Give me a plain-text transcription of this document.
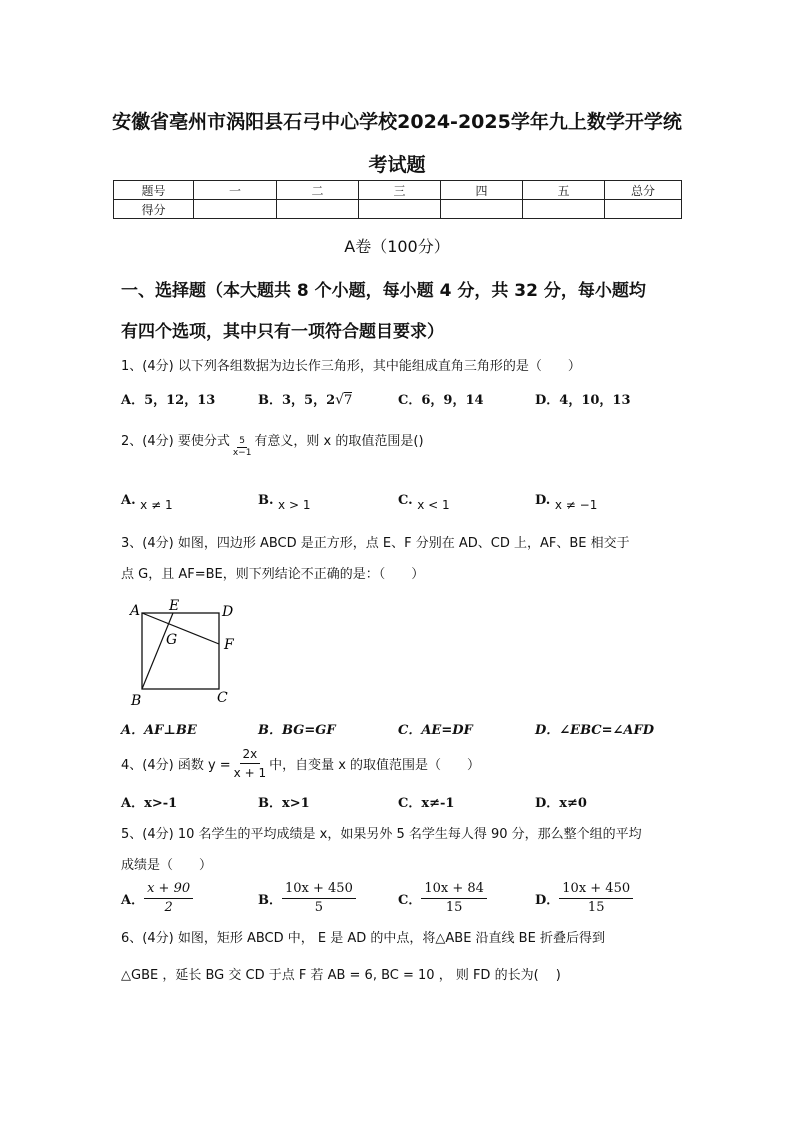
安徽省亳州市涡阳县石弓中心学校2024-2025学年九上数学开学统
考试题
题号	一	二	三	四	五	总分
得分						
A卷（100分）
一、选择题（本大题共 8 个小题，每小题 4 分，共 32 分，每小题均
有四个选项，其中只有一项符合题目要求）
1、(4分) 以下列各组数据为边长作三角形，其中能组成直角三角形的是（　　）
A．5，12，13	B．3，5，2√7	C．6，9，14	D．4，10，13
2、(4分) 要使分式 $\frac{5}{x-1}$ 有意义，则 x 的取值范围是()
A. x ≠ 1	B. x > 1	C. x < 1	D. x ≠ −1
3、(4分) 如图，四边形 ABCD 是正方形，点 E、F 分别在 AD、CD 上，AF、BE 相交于
点 G，且 AF=BE，则下列结论不正确的是：（　　）
A E	D
G	F
B	C
A．AF⊥BE	B．BG=GF	C．AE=DF	D．∠EBC=∠AFD
4、(4分) 函数 $y = \frac{2x}{x + 1}$ 中，自变量 x 的取值范围是（　　）
A．x>-1	B．x>1	C．x≠-1	D．x≠0
5、(4分) 10 名学生的平均成绩是 x，如果另外 5 名学生每人得 90 分，那么整个组的平均
成绩是（　　）
A． $\frac{x + 90}{2}$	B． $\frac{10x + 450}{5}$	C． $\frac{10x + 84}{15}$	D． $\frac{10x + 450}{15}$
6、(4分) 如图，矩形 ABCD 中， E 是 AD 的中点，将△ABE 沿直线 BE 折叠后得到
△GBE ，延长 BG 交 CD 于点 F 若 AB = 6, BC = 10 ， 则 FD 的长为(　 )
